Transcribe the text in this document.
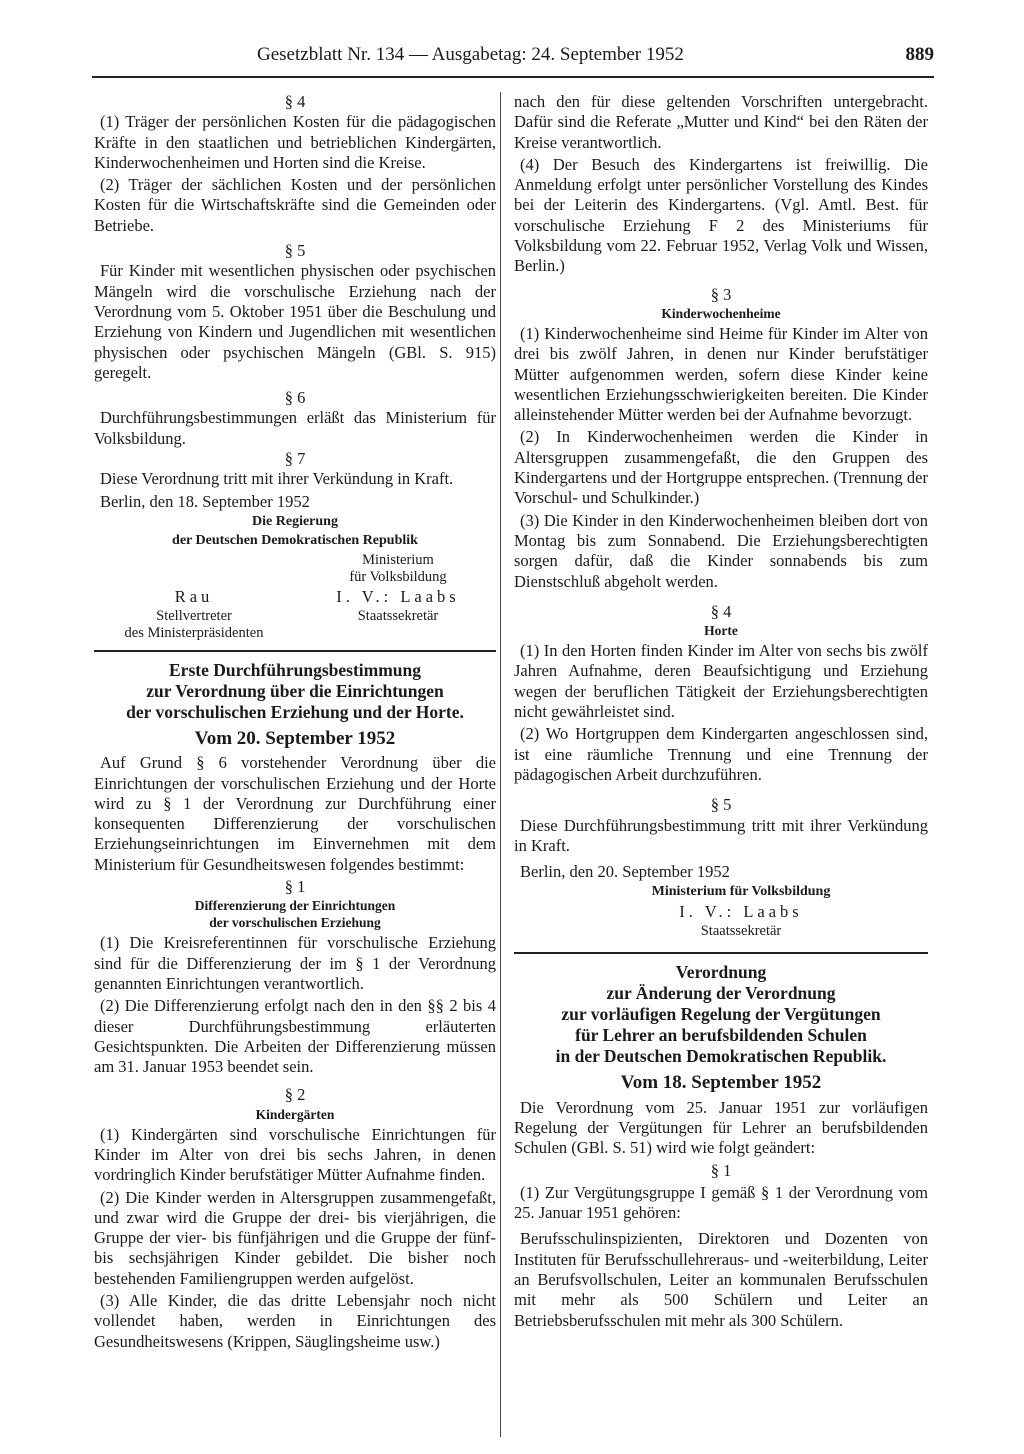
Gesetzblatt Nr. 134 — Ausgabetag: 24. September 1952	889
§ 4

(1) Träger der persönlichen Kosten für die pädagogischen Kräfte in den staatlichen und betrieblichen Kindergärten, Kinderwochenheimen und Horten sind die Kreise.

(2) Träger der sächlichen Kosten und der persönlichen Kosten für die Wirtschaftskräfte sind die Gemeinden oder Betriebe.

§ 5

Für Kinder mit wesentlichen physischen oder psychischen Mängeln wird die vorschulische Erziehung nach der Verordnung vom 5. Oktober 1951 über die Beschulung und Erziehung von Kindern und Jugendlichen mit wesentlichen physischen oder psychischen Mängeln (GBl. S. 915) geregelt.

§ 6

Durchführungsbestimmungen erläßt das Ministerium für Volksbildung.

§ 7

Diese Verordnung tritt mit ihrer Verkündung in Kraft.

Berlin, den 18. September 1952

Die Regierung
der Deutschen Demokratischen Republik
Rau
Stellvertreter
des Ministerpräsidenten
Ministerium
für Volksbildung
I. V.: Laabs
Staatssekretär
Erste Durchführungsbestimmung
zur Verordnung über die Einrichtungen
der vorschulischen Erziehung und der Horte.
Vom 20. September 1952

Auf Grund § 6 vorstehender Verordnung über die Einrichtungen der vorschulischen Erziehung und der Horte wird zu § 1 der Verordnung zur Durchführung einer konsequenten Differenzierung der vorschulischen Erziehungseinrichtungen im Einvernehmen mit dem Ministerium für Gesundheitswesen folgendes bestimmt:

§ 1
Differenzierung der Einrichtungen
der vorschulischen Erziehung

(1) Die Kreisreferentinnen für vorschulische Erziehung sind für die Differenzierung der im § 1 der Verordnung genannten Einrichtungen verantwortlich.

(2) Die Differenzierung erfolgt nach den in den §§ 2 bis 4 dieser Durchführungsbestimmung erläuterten Gesichtspunkten. Die Arbeiten der Differenzierung müssen am 31. Januar 1953 beendet sein.

§ 2
Kindergärten

(1) Kindergärten sind vorschulische Einrichtungen für Kinder im Alter von drei bis sechs Jahren, in denen vordringlich Kinder berufstätiger Mütter Aufnahme finden.

(2) Die Kinder werden in Altersgruppen zusammengefaßt, und zwar wird die Gruppe der drei- bis vierjährigen, die Gruppe der vier- bis fünfjährigen und die Gruppe der fünf- bis sechsjährigen Kinder gebildet. Die bisher noch bestehenden Familiengruppen werden aufgelöst.

(3) Alle Kinder, die das dritte Lebensjahr noch nicht vollendet haben, werden in Einrichtungen des Gesundheitswesens (Krippen, Säuglingsheime usw.)

nach den für diese geltenden Vorschriften untergebracht. Dafür sind die Referate „Mutter und Kind“ bei den Räten der Kreise verantwortlich.

(4) Der Besuch des Kindergartens ist freiwillig. Die Anmeldung erfolgt unter persönlicher Vorstellung des Kindes bei der Leiterin des Kindergartens. (Vgl. Amtl. Best. für vorschulische Erziehung F 2 des Ministeriums für Volksbildung vom 22. Februar 1952, Verlag Volk und Wissen, Berlin.)

§ 3
Kinderwochenheime

(1) Kinderwochenheime sind Heime für Kinder im Alter von drei bis zwölf Jahren, in denen nur Kinder berufstätiger Mütter aufgenommen werden, sofern diese Kinder keine wesentlichen Erziehungsschwierigkeiten bereiten. Die Kinder alleinstehender Mütter werden bei der Aufnahme bevorzugt.

(2) In Kinderwochenheimen werden die Kinder in Altersgruppen zusammengefaßt, die den Gruppen des Kindergartens und der Hortgruppe entsprechen. (Trennung der Vorschul- und Schulkinder.)

(3) Die Kinder in den Kinderwochenheimen bleiben dort von Montag bis zum Sonnabend. Die Erziehungsberechtigten sorgen dafür, daß die Kinder sonnabends bis zum Dienstschluß abgeholt werden.

§ 4
Horte

(1) In den Horten finden Kinder im Alter von sechs bis zwölf Jahren Aufnahme, deren Beaufsichtigung und Erziehung wegen der beruflichen Tätigkeit der Erziehungsberechtigten nicht gewährleistet sind.

(2) Wo Hortgruppen dem Kindergarten angeschlossen sind, ist eine räumliche Trennung und eine Trennung der pädagogischen Arbeit durchzuführen.

§ 5

Diese Durchführungsbestimmung tritt mit ihrer Verkündung in Kraft.

Berlin, den 20. September 1952

Ministerium für Volksbildung
I. V.: Laabs
Staatssekretär
Verordnung
zur Änderung der Verordnung
zur vorläufigen Regelung der Vergütungen
für Lehrer an berufsbildenden Schulen
in der Deutschen Demokratischen Republik.
Vom 18. September 1952

Die Verordnung vom 25. Januar 1951 zur vorläufigen Regelung der Vergütungen für Lehrer an berufsbildenden Schulen (GBl. S. 51) wird wie folgt geändert:

§ 1

(1) Zur Vergütungsgruppe I gemäß § 1 der Verordnung vom 25. Januar 1951 gehören:

Berufsschulinspizienten, Direktoren und Dozenten von Instituten für Berufsschullehreraus- und -weiterbildung, Leiter an Berufsvollschulen, Leiter an kommunalen Berufsschulen mit mehr als 500 Schülern und Leiter an Betriebsberufsschulen mit mehr als 300 Schülern.
